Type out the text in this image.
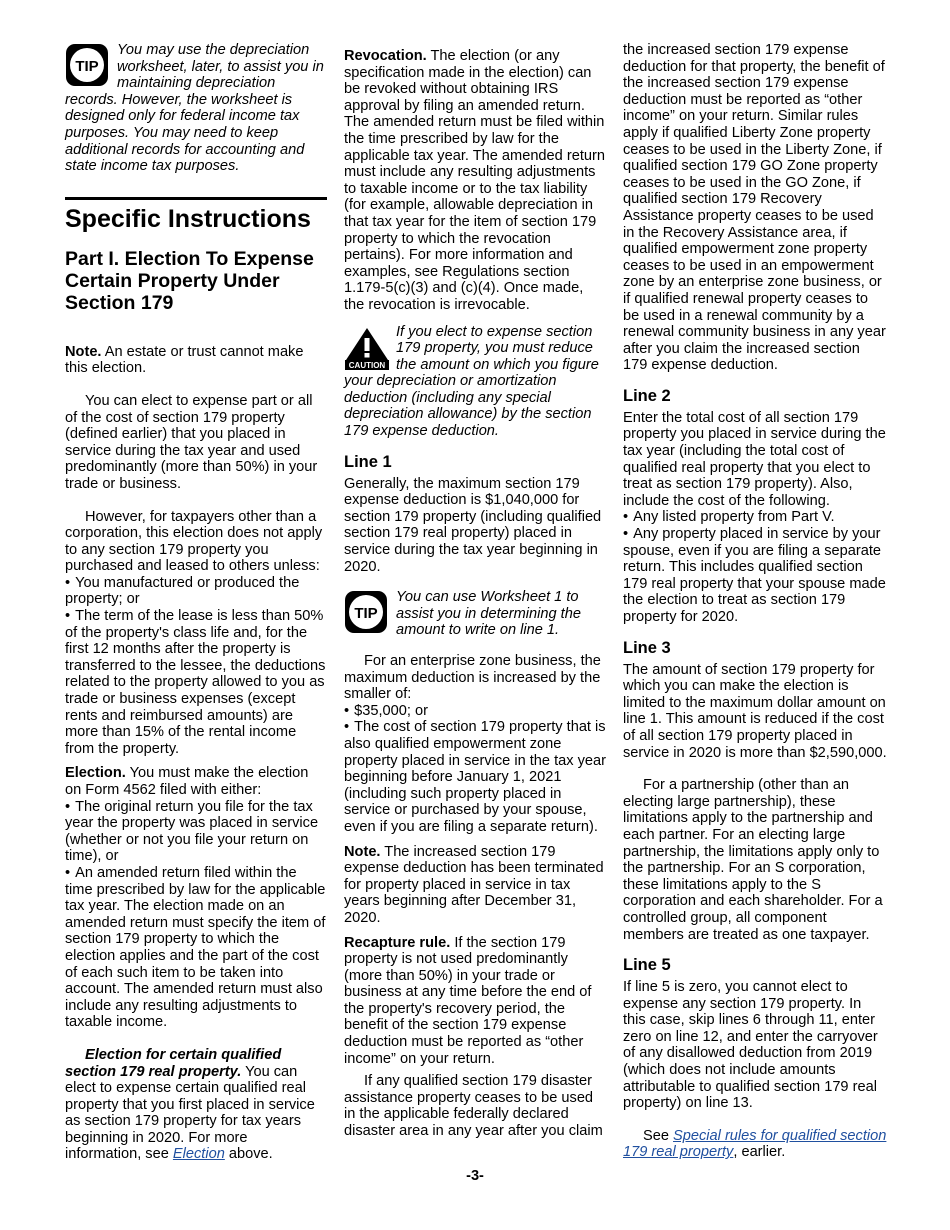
TIP

You may use the depreciation worksheet, later, to assist you in maintaining depreciation records. However, the worksheet is designed only for federal income tax purposes. You may need to keep additional records for accounting and state income tax purposes.

Specific Instructions
Part I. Election To Expense Certain Property Under Section 179

Note. An estate or trust cannot make this election.

You can elect to expense part or all of the cost of section 179 property (defined earlier) that you placed in service during the tax year and used predominantly (more than 50%) in your trade or business.

However, for taxpayers other than a corporation, this election does not apply to any section 179 property you purchased and leased to others unless:

• You manufactured or produced the property; or

• The term of the lease is less than 50% of the property's class life and, for the first 12 months after the property is transferred to the lessee, the deductions related to the property allowed to you as trade or business expenses (except rents and reimbursed amounts) are more than 15% of the rental income from the property.

Election. You must make the election on Form 4562 filed with either:

• The original return you file for the tax year the property was placed in service (whether or not you file your return on time), or

• An amended return filed within the time prescribed by law for the applicable tax year. The election made on an amended return must specify the item of section 179 property to which the election applies and the part of the cost of each such item to be taken into account. The amended return must also include any resulting adjustments to taxable income.

Election for certain qualified section 179 real property. You can elect to expense certain qualified real property that you first placed in service as section 179 property for tax years beginning in 2020. For more information, see Election above.

Revocation. The election (or any specification made in the election) can be revoked without obtaining IRS approval by filing an amended return. The amended return must be filed within the time prescribed by law for the applicable tax year. The amended return must include any resulting adjustments to taxable income or to the tax liability (for example, allowable depreciation in that tax year for the item of section 179 property to which the revocation pertains). For more information and examples, see Regulations section 1.179-5(c)(3) and (c)(4). Once made, the revocation is irrevocable.

CAUTION

If you elect to expense section 179 property, you must reduce the amount on which you figure your depreciation or amortization deduction (including any special depreciation allowance) by the section 179 expense deduction.

Line 1

Generally, the maximum section 179 expense deduction is $1,040,000 for section 179 property (including qualified section 179 real property) placed in service during the tax year beginning in 2020.

TIP

You can use Worksheet 1 to assist you in determining the amount to write on line 1.

For an enterprise zone business, the maximum deduction is increased by the smaller of:

• $35,000; or

• The cost of section 179 property that is also qualified empowerment zone property placed in service in the tax year beginning before January 1, 2021 (including such property placed in service or purchased by your spouse, even if you are filing a separate return).

Note. The increased section 179 expense deduction has been terminated for property placed in service in tax years beginning after December 31, 2020.

Recapture rule. If the section 179 property is not used predominantly (more than 50%) in your trade or business at any time before the end of the property's recovery period, the benefit of the section 179 expense deduction must be reported as “other income” on your return.

If any qualified section 179 disaster assistance property ceases to be used in the applicable federally declared disaster area in any year after you claim

the increased section 179 expense deduction for that property, the benefit of the increased section 179 expense deduction must be reported as “other income” on your return. Similar rules apply if qualified Liberty Zone property ceases to be used in the Liberty Zone, if qualified section 179 GO Zone property ceases to be used in the GO Zone, if qualified section 179 Recovery Assistance property ceases to be used in the Recovery Assistance area, if qualified empowerment zone property ceases to be used in an empowerment zone by an enterprise zone business, or if qualified renewal property ceases to be used in a renewal community by a renewal community business in any year after you claim the increased section 179 expense deduction.

Line 2

Enter the total cost of all section 179 property you placed in service during the tax year (including the total cost of qualified real property that you elect to treat as section 179 property). Also, include the cost of the following.

• Any listed property from Part V.

• Any property placed in service by your spouse, even if you are filing a separate return. This includes qualified section 179 real property that your spouse made the election to treat as section 179 property for 2020.

Line 3

The amount of section 179 property for which you can make the election is limited to the maximum dollar amount on line 1. This amount is reduced if the cost of all section 179 property placed in service in 2020 is more than $2,590,000.

For a partnership (other than an electing large partnership), these limitations apply to the partnership and each partner. For an electing large partnership, the limitations apply only to the partnership. For an S corporation, these limitations apply to the S corporation and each shareholder. For a controlled group, all component members are treated as one taxpayer.

Line 5

If line 5 is zero, you cannot elect to expense any section 179 property. In this case, skip lines 6 through 11, enter zero on line 12, and enter the carryover of any disallowed deduction from 2019 (which does not include amounts attributable to qualified section 179 real property) on line 13.

See Special rules for qualified section 179 real property, earlier.

-3-
